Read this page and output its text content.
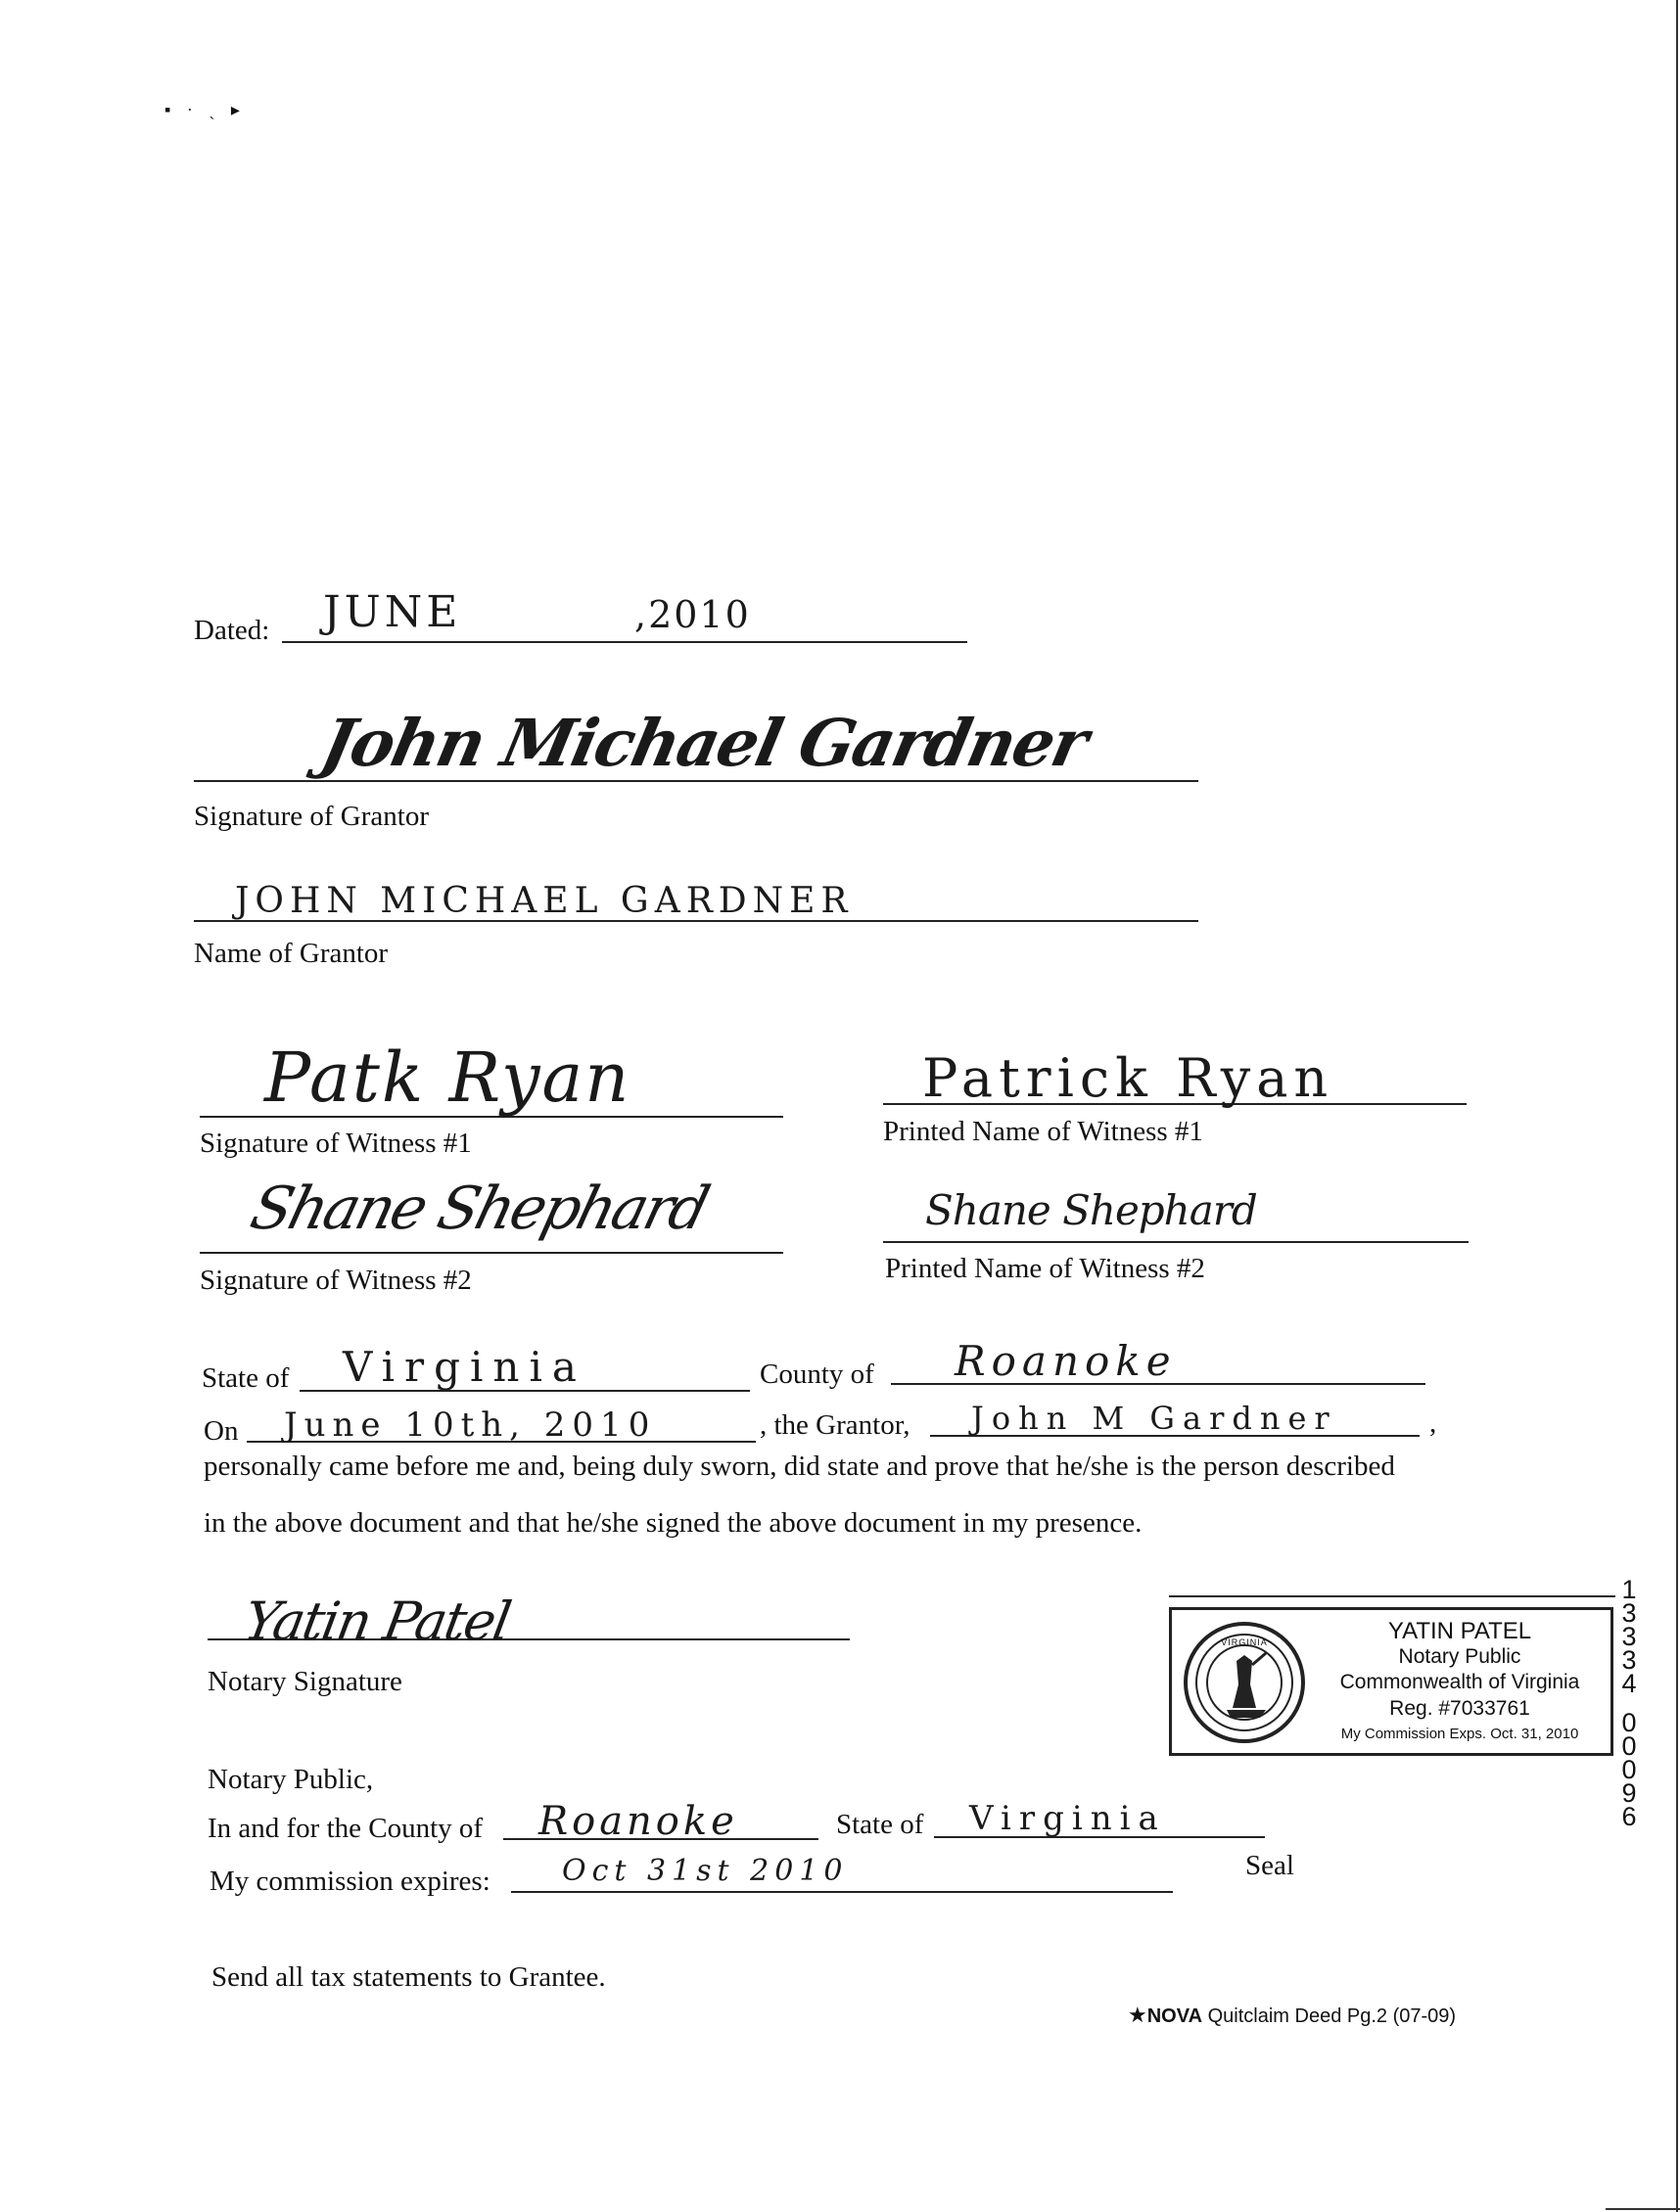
▪ · ˏ ▸
Dated: JUNE	,2010
John Michael Gardner
Signature of Grantor
JOHN MICHAEL GARDNER
Name of Grantor
Patk Ryan
Signature of Witness #1
Patrick Ryan
Printed Name of Witness #1
Shane Shephard
Signature of Witness #2
Shane Shephard
Printed Name of Witness #2
State of Virginia	County of Roanoke
On June 10th, 2010	, the Grantor, John M Gardner	,
personally came before me and, being duly sworn, did state and prove that he/she is the person described
in the above document and that he/she signed the above document in my presence.
Yatin Patel
Notary Signature
VIRGINIA	YATIN PATEL
Notary Public
Commonwealth of Virginia
Reg. #7033761
My Commission Exps. Oct. 31, 2010
1
3
3
3
4
0
0
0
9
6
Notary Public,
In and for the County of Roanoke	State of Virginia
My commission expires: Oct 31st 2010	Seal
Send all tax statements to Grantee.
★NOVA Quitclaim Deed Pg.2 (07-09)
